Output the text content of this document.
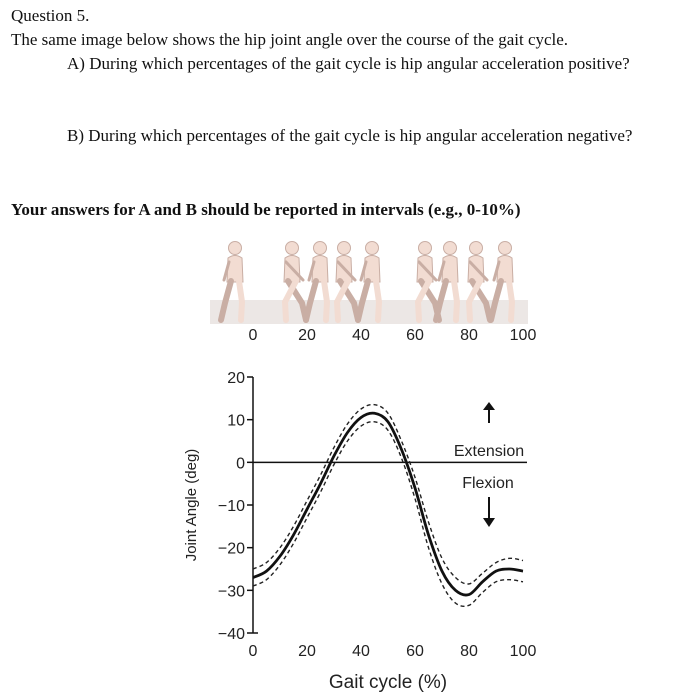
Question 5.
The same image below shows the hip joint angle over the course of the gait cycle.
A) During which percentages of the gait cycle is hip angular acceleration positive?
B) During which percentages of the gait cycle is hip angular acceleration negative?
Your answers for A and B should be reported in intervals (e.g., 0-10%)
0	20 40 60 80 100
20
10
0
−10
−20
−30
−40
0	20 40 60 80 100
Gait cycle (%)
Joint Angle (deg)	Extension
Flexion
